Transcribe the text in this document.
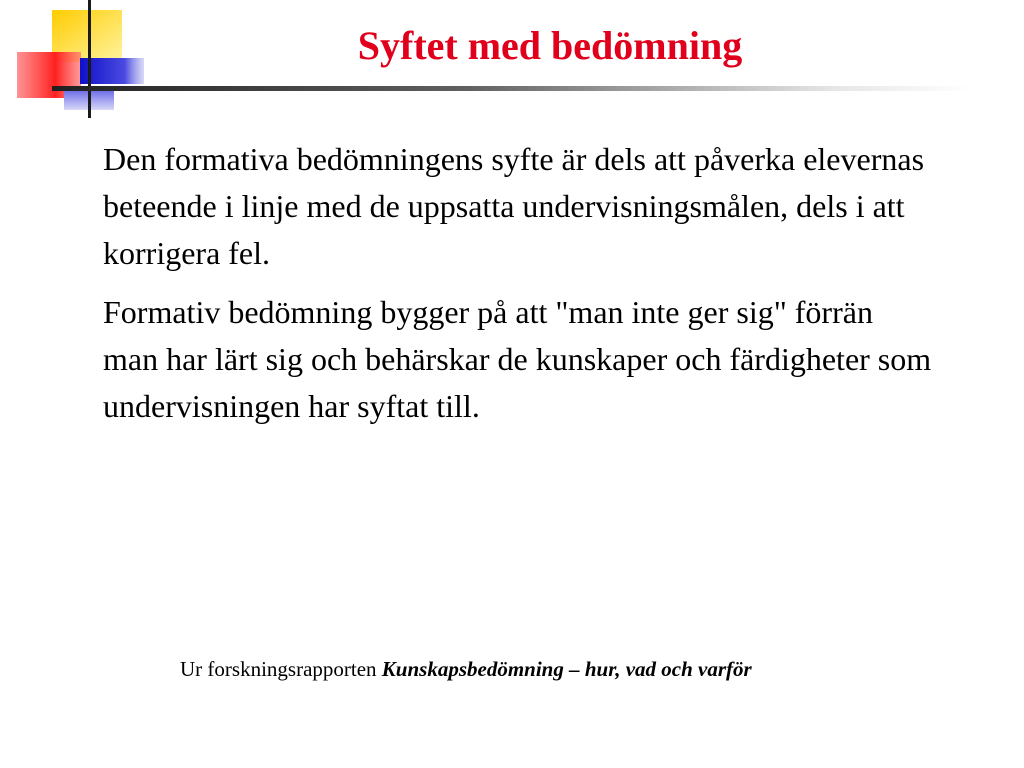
Syftet med bedömning

Den formativa bedömningens syfte är dels att påverka elevernas beteende i linje med de uppsatta undervisningsmålen, dels i att korrigera fel.

Formativ bedömning bygger på att "man inte ger sig" förrän man har lärt sig och behärskar de kunskaper och färdigheter som undervisningen har syftat till.

Ur forskningsrapporten Kunskapsbedömning – hur, vad och varför
